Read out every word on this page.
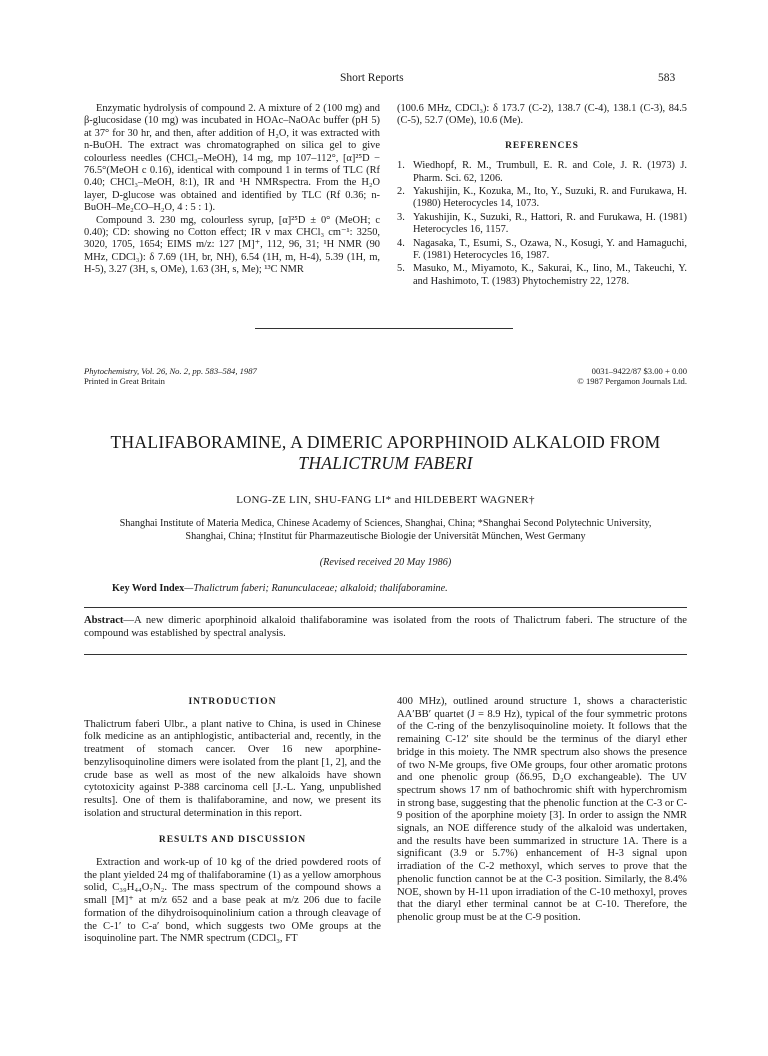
Short Reports	583

Enzymatic hydrolysis of compound 2. A mixture of 2 (100 mg) and β-glucosidase (10 mg) was incubated in HOAc–NaOAc buffer (pH 5) at 37° for 30 hr, and then, after addition of H₂O, it was extracted with n-BuOH. The extract was chromatographed on silica gel to give colourless needles (CHCl₃–MeOH), 14 mg, mp 107–112°, [α]²⁵D − 76.5°(MeOH c 0.16), identical with compound 1 in terms of TLC (Rf 0.40; CHCl₃–MeOH, 8:1), IR and ¹H NMRspectra. From the H₂O layer, D-glucose was obtained and identified by TLC (Rf 0.36; n-BuOH–Me₂CO–H₂O, 4 : 5 : 1).

Compound 3. 230 mg, colourless syrup, [α]²⁵D ± 0° (MeOH; c 0.40); CD: showing no Cotton effect; IR ν max CHCl₃ cm⁻¹: 3250, 3020, 1705, 1654; EIMS m/z: 127 [M]⁺, 112, 96, 31; ¹H NMR (90 MHz, CDCl₃): δ 7.69 (1H, br, NH), 6.54 (1H, m, H-4), 5.39 (1H, m, H-5), 3.27 (3H, s, OMe), 1.63 (3H, s, Me); ¹³C NMR

(100.6 MHz, CDCl₃): δ 173.7 (C-2), 138.7 (C-4), 138.1 (C-3), 84.5 (C-5), 52.7 (OMe), 10.6 (Me).

REFERENCES
1. Wiedhopf, R. M., Trumbull, E. R. and Cole, J. R. (1973) J. Pharm. Sci. 62, 1206.
2. Yakushijin, K., Kozuka, M., Ito, Y., Suzuki, R. and Furukawa, H. (1980) Heterocycles 14, 1073.
3. Yakushijin, K., Suzuki, R., Hattori, R. and Furukawa, H. (1981) Heterocycles 16, 1157.
4. Nagasaka, T., Esumi, S., Ozawa, N., Kosugi, Y. and Hamaguchi, F. (1981) Heterocycles 16, 1987.
5. Masuko, M., Miyamoto, K., Sakurai, K., Iino, M., Takeuchi, Y. and Hashimoto, T. (1983) Phytochemistry 22, 1278.
Phytochemistry, Vol. 26, No. 2, pp. 583–584, 1987
Printed in Great Britain
0031–9422/87 $3.00 + 0.00
© 1987 Pergamon Journals Ltd.
THALIFABORAMINE, A DIMERIC APORPHINOID ALKALOID FROM
THALICTRUM FABERI
LONG-ZE LIN, SHU-FANG LI* and HILDEBERT WAGNER†
Shanghai Institute of Materia Medica, Chinese Academy of Sciences, Shanghai, China; *Shanghai Second Polytechnic University,
Shanghai, China; †Institut für Pharmazeutische Biologie der Universität München, West Germany
(Revised received 20 May 1986)
Key Word Index—Thalictrum faberi; Ranunculaceae; alkaloid; thalifaboramine.
Abstract—A new dimeric aporphinoid alkaloid thalifaboramine was isolated from the roots of Thalictrum faberi. The structure of the compound was established by spectral analysis.
INTRODUCTION

Thalictrum faberi Ulbr., a plant native to China, is used in Chinese folk medicine as an antiphlogistic, antibacterial and, recently, in the treatment of stomach cancer. Over 16 new aporphine-benzylisoquinoline dimers were isolated from the plant [1, 2], and the crude base as well as most of the new alkaloids have shown cytotoxicity against P-388 carcinoma cell [J.-L. Yang, unpublished results]. One of them is thalifaboramine, and now, we present its isolation and structural determination in this report.

RESULTS AND DISCUSSION

Extraction and work-up of 10 kg of the dried powdered roots of the plant yielded 24 mg of thalifaboramine (1) as a yellow amorphous solid, C₃₉H₄₄O₇N₂. The mass spectrum of the compound shows a small [M]⁺ at m/z 652 and a base peak at m/z 206 due to facile formation of the dihydroisoquinolinium cation a through cleavage of the C-1′ to C-a′ bond, which suggests two OMe groups at the isoquinoline part. The NMR spectrum (CDCl₃, FT

400 MHz), outlined around structure 1, shows a characteristic AA′BB′ quartet (J = 8.9 Hz), typical of the four symmetric protons of the C-ring of the benzylisoquinoline moiety. It follows that the remaining C-12′ site should be the terminus of the diaryl ether bridge in this moiety. The NMR spectrum also shows the presence of two N-Me groups, five OMe groups, four other aromatic protons and one phenolic group (δ6.95, D₂O exchangeable). The UV spectrum shows 17 nm of bathochromic shift with hyperchromism in strong base, suggesting that the phenolic function at the C-3 or C-9 position of the aporphine moiety [3]. In order to assign the NMR signals, an NOE difference study of the alkaloid was undertaken, and the results have been summarized in structure 1A. There is a significant (3.9 or 5.7%) enhancement of H-3 signal upon irradiation of the C-2 methoxyl, which serves to prove that the phenolic function cannot be at the C-3 position. Similarly, the 8.4% NOE, shown by H-11 upon irradiation of the C-10 methoxyl, proves that the diaryl ether terminal cannot be at C-10. Therefore, the phenolic group must be at the C-9 position.
